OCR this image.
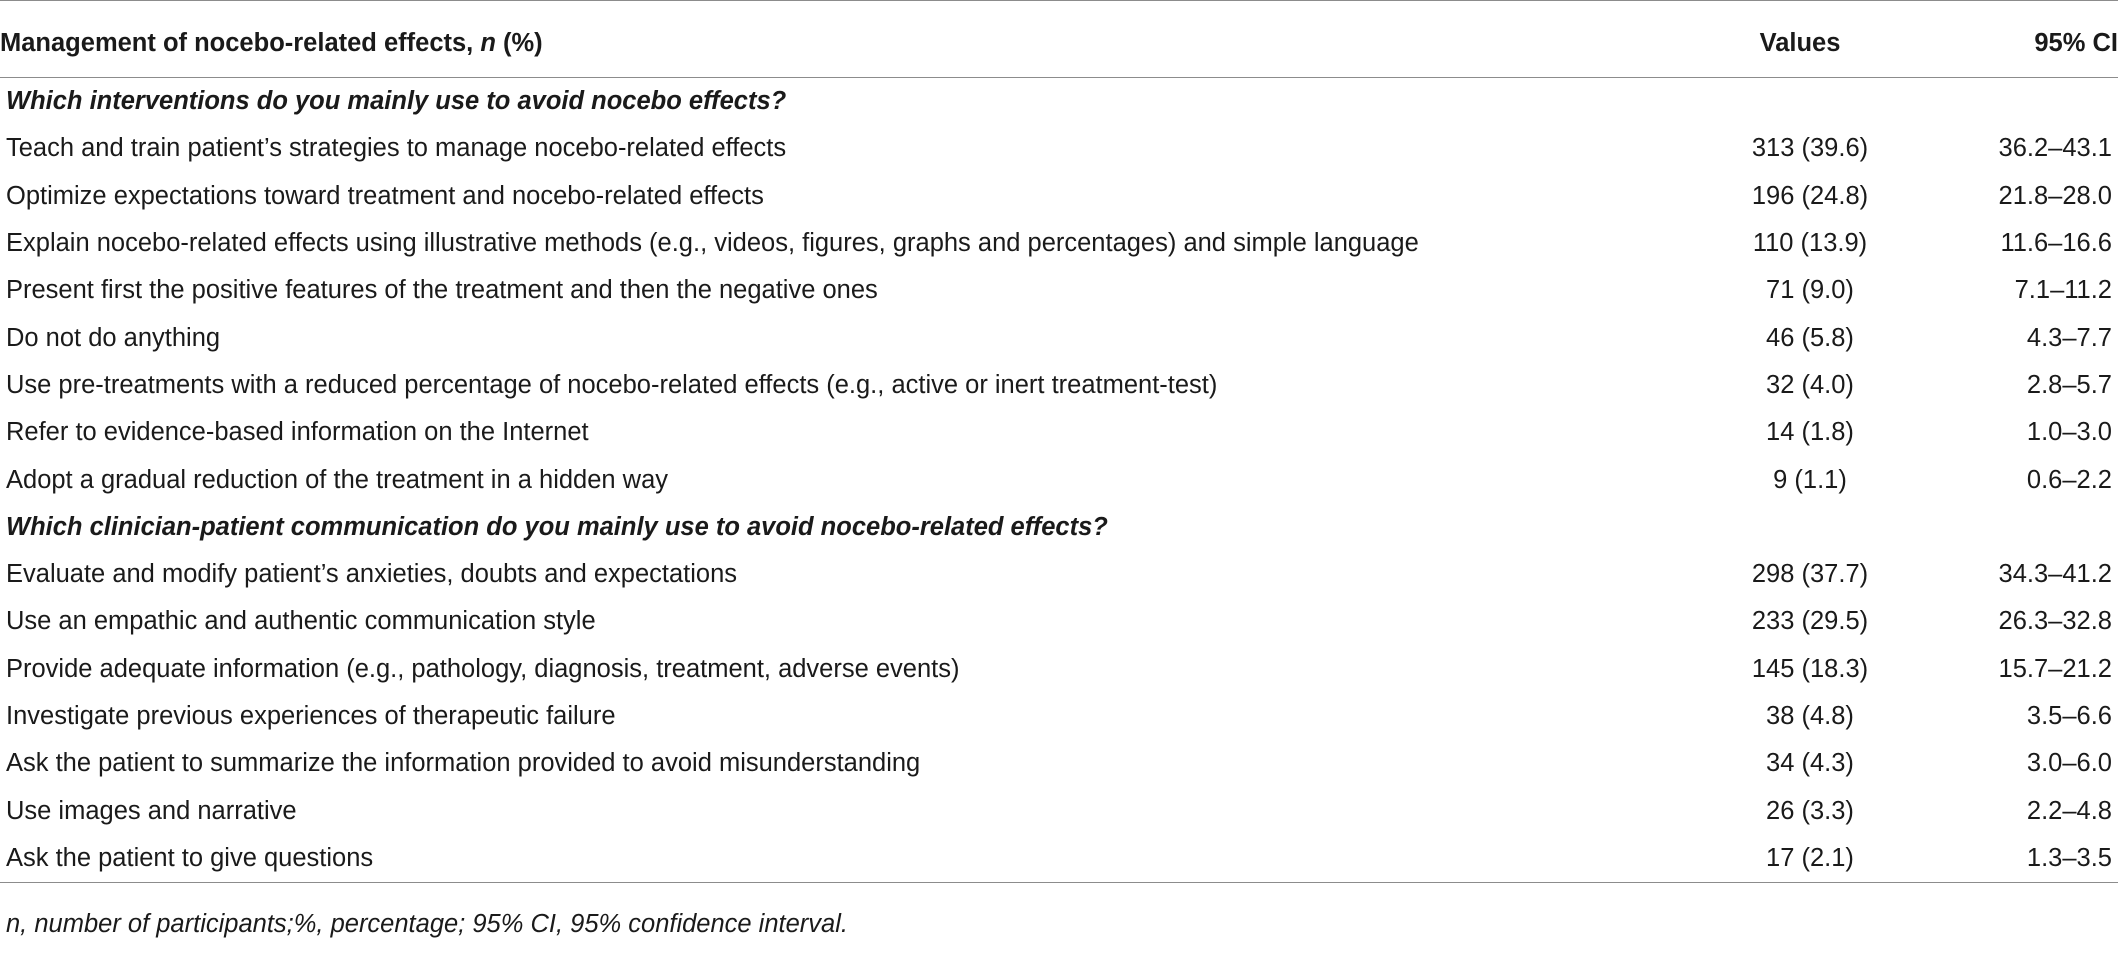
Management of nocebo-related effects, n (%)	Values	95% CI
Which interventions do you mainly use to avoid nocebo effects?		
Teach and train patient’s strategies to manage nocebo-related effects	313 (39.6)	36.2–43.1
Optimize expectations toward treatment and nocebo-related effects	196 (24.8)	21.8–28.0
Explain nocebo-related effects using illustrative methods (e.g., videos, figures, graphs and percentages) and simple language	110 (13.9)	11.6–16.6
Present first the positive features of the treatment and then the negative ones	71 (9.0)	7.1–11.2
Do not do anything	46 (5.8)	4.3–7.7
Use pre-treatments with a reduced percentage of nocebo-related effects (e.g., active or inert treatment-test)	32 (4.0)	2.8–5.7
Refer to evidence-based information on the Internet	14 (1.8)	1.0–3.0
Adopt a gradual reduction of the treatment in a hidden way	9 (1.1)	0.6–2.2
Which clinician-patient communication do you mainly use to avoid nocebo-related effects?		
Evaluate and modify patient’s anxieties, doubts and expectations	298 (37.7)	34.3–41.2
Use an empathic and authentic communication style	233 (29.5)	26.3–32.8
Provide adequate information (e.g., pathology, diagnosis, treatment, adverse events)	145 (18.3)	15.7–21.2
Investigate previous experiences of therapeutic failure	38 (4.8)	3.5–6.6
Ask the patient to summarize the information provided to avoid misunderstanding	34 (4.3)	3.0–6.0
Use images and narrative	26 (3.3)	2.2–4.8
Ask the patient to give questions	17 (2.1)	1.3–3.5
n, number of participants;%, percentage; 95% CI, 95% confidence interval.
